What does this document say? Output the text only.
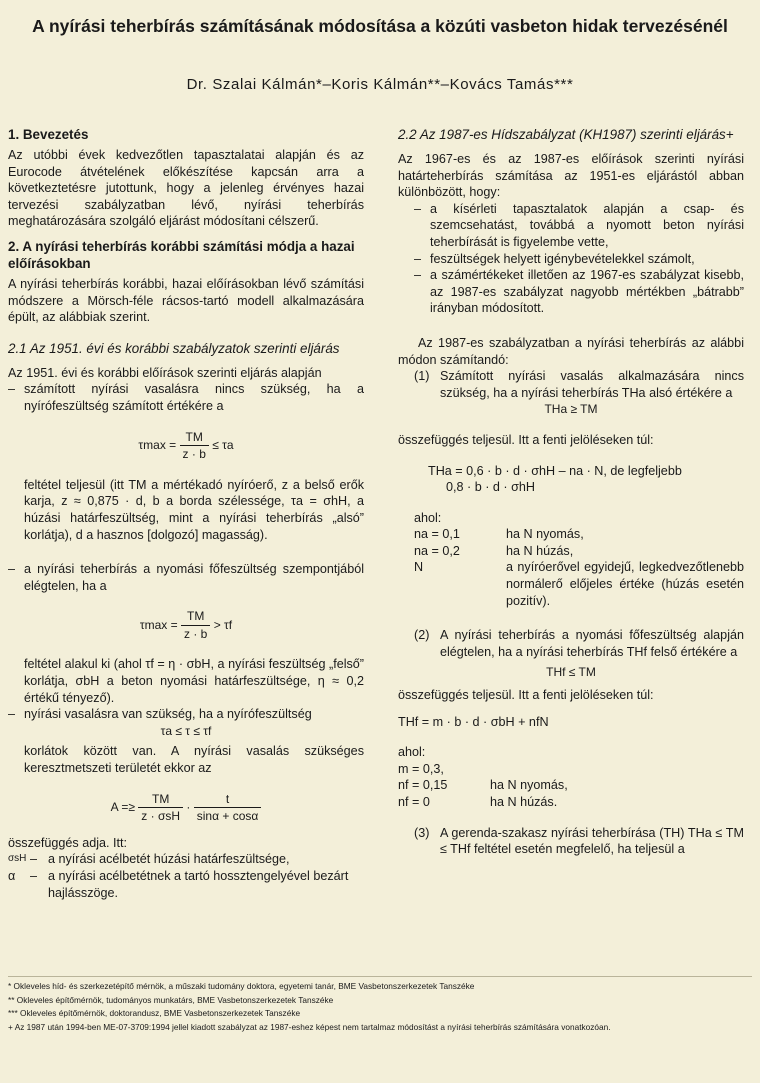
A nyírási teherbírás számításának módosítása a közúti vasbeton hidak tervezésénél
Dr. Szalai Kálmán*–Koris Kálmán**–Kovács Tamás***
1. Bevezetés

Az utóbbi évek kedvezőtlen tapasztalatai alapján és az Eurocode átvételének előkészítése kapcsán arra a következtetésre jutottunk, hogy a jelenleg érvényes hazai tervezési szabályzatban lévő, nyírási teherbírás meghatározására szolgáló eljárást módosítani célszerű.

2. A nyírási teherbírás korábbi számítási módja a hazai előírásokban

A nyírási teherbírás korábbi, hazai előírásokban lévő számítási módszere a Mörsch-féle rácsos-tartó modell alkalmazására épült, az alábbiak szerint.

2.1 Az 1951. évi és korábbi szabályzatok szerinti eljárás

Az 1951. évi és korábbi előírások szerinti eljárás alapján

– számított nyírási vasalásra nincs szükség, ha a nyírófeszültség számított értékére a
$\tau\max = \frac{TM}{z \cdot b} \le \tau a$

feltétel teljesül (itt TM a mértékadó nyíróerő, z a belső erők karja, z ≈ 0,875 · d, b a borda szélessége, τa = σhH, a húzási határfeszültség, mint a nyírási teherbírás „alsó” korlátja), d a hasznos [dolgozó] magasság).

– a nyírási teherbírás a nyomási főfeszültség szempontjából elégtelen, ha a
$\tau\max = \frac{TM}{z \cdot b} > \tau f$

feltétel alakul ki (ahol τf = η · σbH, a nyírási feszültség „felső” korlátja, σbH a beton nyomási határfeszültsége, η ≈ 0,2 értékű tényező).

– nyírási vasalásra van szükség, ha a nyírófeszültség
τa ≤ τ ≤ τf

korlátok között van. A nyírási vasalás szükséges keresztmetszeti területét ekkor az

$A =\ge \frac{TM}{\text{z · σsH}} \cdot \frac{t}{\sin\alpha + \cos\alpha}$

összefüggés adja. Itt:

σsH – a nyírási acélbetét húzási határfeszültsége,
α	– a nyírási acélbetétnek a tartó hossztengelyével bezárt hajlásszöge.
2.2 Az 1987-es Hídszabályzat (KH1987) szerinti eljárás+

Az 1967-es és az 1987-es előírások szerinti nyírási határteherbírás számítása az 1951-es eljárástól abban különbözött, hogy:

– a kísérleti tapasztalatok alapján a csap- és szemcsehatást, továbbá a nyomott beton nyírási teherbírását is figyelembe vette,
– feszültségek helyett igénybevételekkel számolt,
– a számértékeket illetően az 1967-es szabályzat kisebb, az 1987-es szabályzat nagyobb mértékben „bátrabb” irányban módosított.

Az 1987-es szabályzatban a nyírási teherbírás az alábbi módon számítandó:

(1) Számított nyírási vasalás alkalmazására nincs szükség, ha a nyírási teherbírás THa alsó értékére a
THa ≥ TM

összefüggés teljesül. Itt a fenti jelöléseken túl:

THa = 0,6 · b · d · σhH – na · N, de legfeljebb
0,8 · b · d · σhH
ahol:
na = 0,1	ha N nyomás,
na = 0,2	ha N húzás,
N	a nyíróerővel egyidejű, legkedvezőtlenebb normálerő előjeles értéke (húzás esetén pozitív).
(2) A nyírási teherbírás a nyomási főfeszültség alapján elégtelen, ha a nyírási teherbírás THf felső értékére a
THf ≤ TM

összefüggés teljesül. Itt a fenti jelöléseken túl:

THf = m · b · d · σbH + nfN
ahol:
m = 0,3,
nf = 0,15	ha N nyomás,
nf = 0	ha N húzás.
(3) A gerenda-szakasz nyírási teherbírása (TH) THa ≤ TM ≤ THf feltétel esetén megfelelő, ha teljesül a
* Okleveles híd- és szerkezetépítő mérnök, a műszaki tudomány doktora, egyetemi tanár, BME Vasbetonszerkezetek Tanszéke
** Okleveles építőmérnök, tudományos munkatárs, BME Vasbetonszerkezetek Tanszéke
*** Okleveles építőmérnök, doktorandusz, BME Vasbetonszerkezetek Tanszéke
+ Az 1987 után 1994-ben ME-07-3709:1994 jellel kiadott szabályzat az 1987-eshez képest nem tartalmaz módosítást a nyírási teherbírás számítására vonatkozóan.
